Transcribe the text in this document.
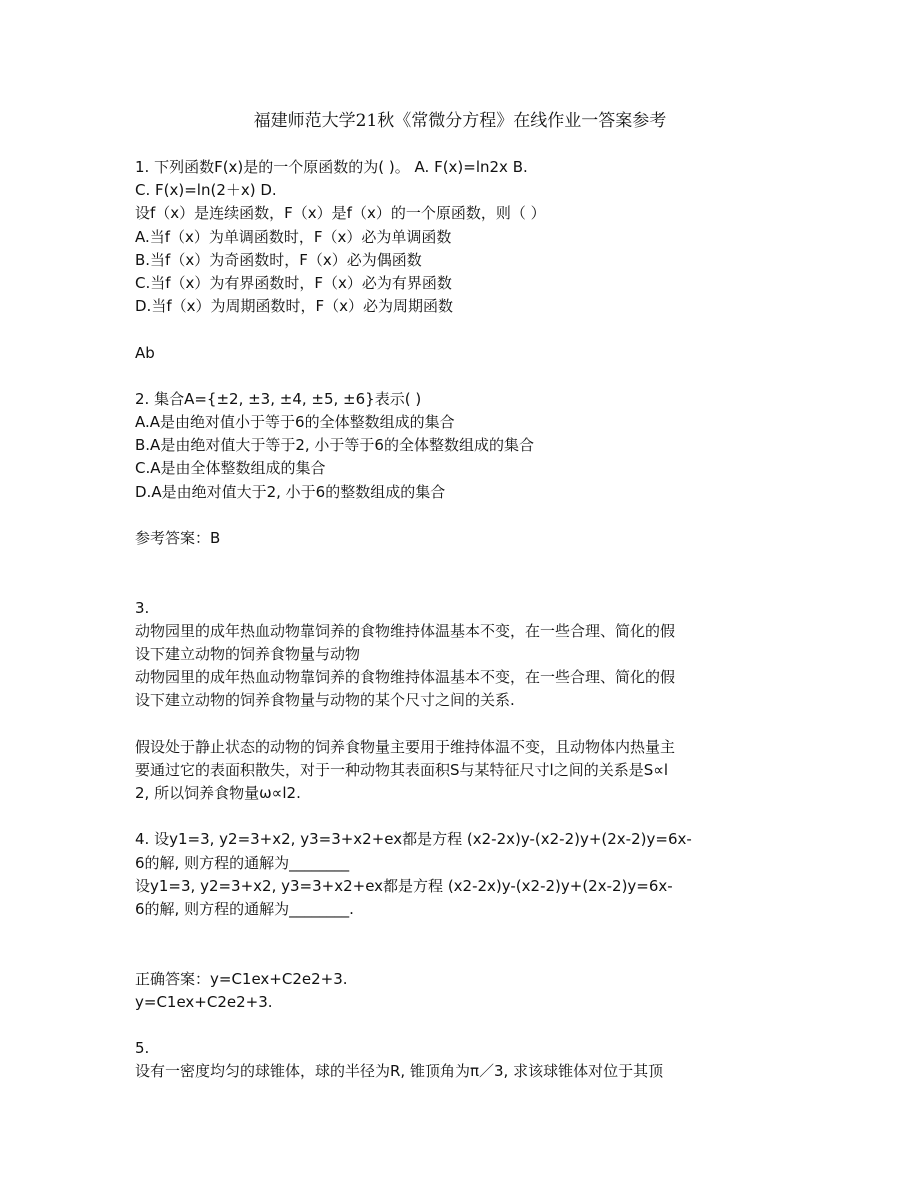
福建师范大学21秋《常微分方程》在线作业一答案参考
1. 下列函数F(x)是的一个原函数的为( )。 A. F(x)=ln2x B.
C. F(x)=ln(2＋x) D.
设f（x）是连续函数，F（x）是f（x）的一个原函数，则（ ）
A.当f（x）为单调函数时，F（x）必为单调函数
B.当f（x）为奇函数时，F（x）必为偶函数
C.当f（x）为有界函数时，F（x）必为有界函数
D.当f（x）为周期函数时，F（x）必为周期函数
Ab
2. 集合A={±2, ±3, ±4, ±5, ±6}表示( )
A.A是由绝对值小于等于6的全体整数组成的集合
B.A是由绝对值大于等于2, 小于等于6的全体整数组成的集合
C.A是由全体整数组成的集合
D.A是由绝对值大于2, 小于6的整数组成的集合
参考答案：B
3.
动物园里的成年热血动物靠饲养的食物维持体温基本不变，在一些合理、简化的假
设下建立动物的饲养食物量与动物
动物园里的成年热血动物靠饲养的食物维持体温基本不变，在一些合理、简化的假
设下建立动物的饲养食物量与动物的某个尺寸之间的关系.
假设处于静止状态的动物的饲养食物量主要用于维持体温不变，且动物体内热量主
要通过它的表面积散失，对于一种动物其表面积S与某特征尺寸l之间的关系是S∝l
2, 所以饲养食物量ω∝l2.
4. 设y1=3, y2=3+x2, y3=3+x2+ex都是方程 (x2-2x)y-(x2-2)y+(2x-2)y=6x-
6的解, 则方程的通解为________
设y1=3, y2=3+x2, y3=3+x2+ex都是方程 (x2-2x)y-(x2-2)y+(2x-2)y=6x-
6的解, 则方程的通解为________.
正确答案：y=C1ex+C2e2+3.
y=C1ex+C2e2+3.
5.
设有一密度均匀的球锥体，球的半径为R, 锥顶角为π／3, 求该球锥体对位于其顶
